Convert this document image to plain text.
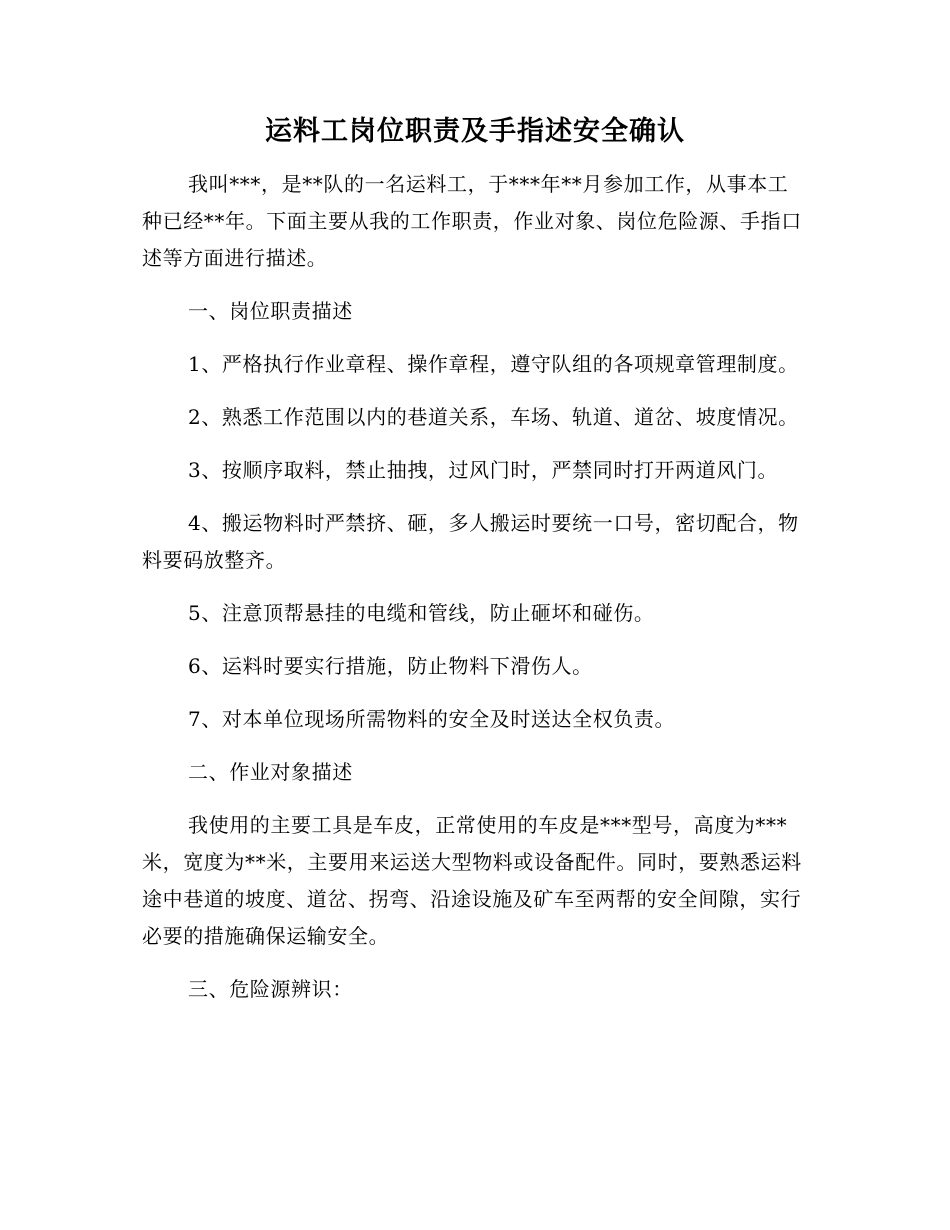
运料工岗位职责及手指述安全确认

我叫***，是**队的一名运料工，于***年**月参加工作，从事本工种已经**年。下面主要从我的工作职责，作业对象、岗位危险源、手指口述等方面进行描述。

一、岗位职责描述

1、严格执行作业章程、操作章程，遵守队组的各项规章管理制度。

2、熟悉工作范围以内的巷道关系，车场、轨道、道岔、坡度情况。

3、按顺序取料，禁止抽拽，过风门时，严禁同时打开两道风门。

4、搬运物料时严禁挤、砸，多人搬运时要统一口号，密切配合，物料要码放整齐。

5、注意顶帮悬挂的电缆和管线，防止砸坏和碰伤。

6、运料时要实行措施，防止物料下滑伤人。

7、对本单位现场所需物料的安全及时送达全权负责。

二、作业对象描述

我使用的主要工具是车皮，正常使用的车皮是***型号，高度为***米，宽度为**米，主要用来运送大型物料或设备配件。同时，要熟悉运料途中巷道的坡度、道岔、拐弯、沿途设施及矿车至两帮的安全间隙，实行必要的措施确保运输安全。

三、危险源辨识：
